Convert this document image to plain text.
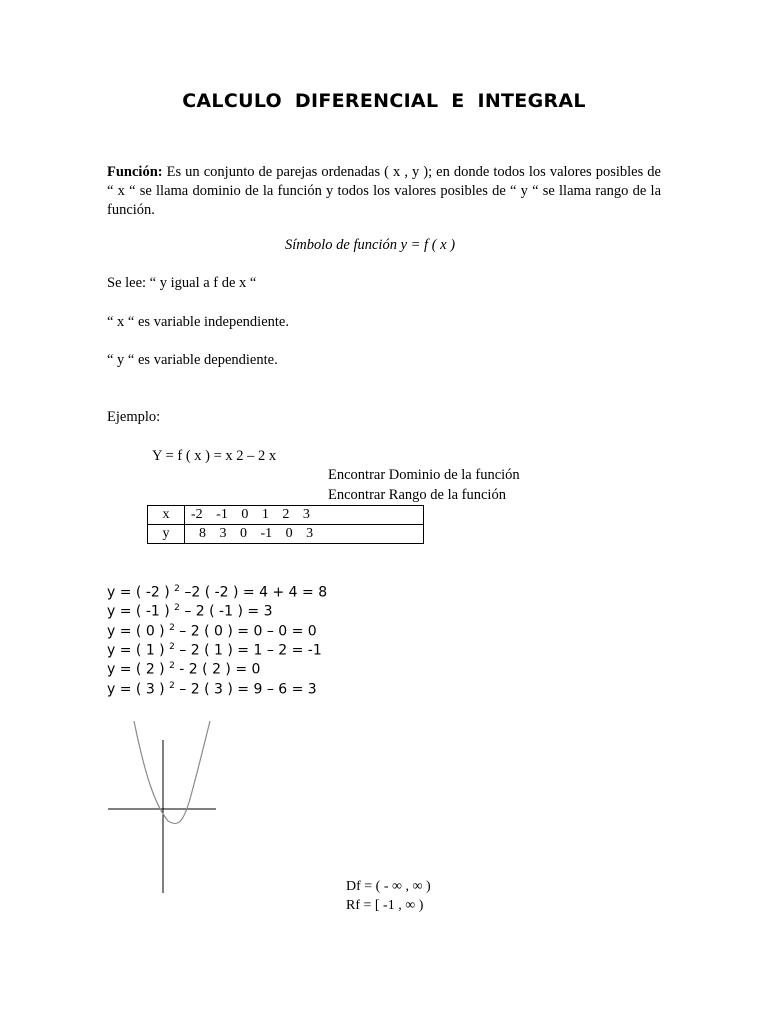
CALCULO DIFERENCIAL E INTEGRAL
Función: Es un conjunto de parejas ordenadas ( x , y ); en donde todos los valores posibles de “ x “ se llama dominio de la función y todos los valores posibles de “ y “ se llama rango de la función.
Símbolo de función y = f ( x )
Se lee: “ y igual a f de x “
“ x “ es variable independiente.
“ y “ es variable dependiente.
Ejemplo:
Y = f ( x ) = x 2 – 2 x
Encontrar Dominio de la función
Encontrar Rango de la función
x	-2 -1 0 1 2 3
y	8 3 0 -1 0 3
y = ( -2 ) $^2$ –2 ( -2 ) = 4 + 4 = 8
y = ( -1 ) $^2$ – 2 ( -1 ) = 3
y = ( 0 ) $^2$ – 2 ( 0 ) = 0 – 0 = 0
y = ( 1 ) $^2$ – 2 ( 1 ) = 1 – 2 = -1
y = ( 2 ) $^2$ - 2 ( 2 ) = 0
y = ( 3 ) $^2$ – 2 ( 3 ) = 9 – 6 = 3
Df = ( - ∞ , ∞ )
Rf = [ -1 , ∞ )
